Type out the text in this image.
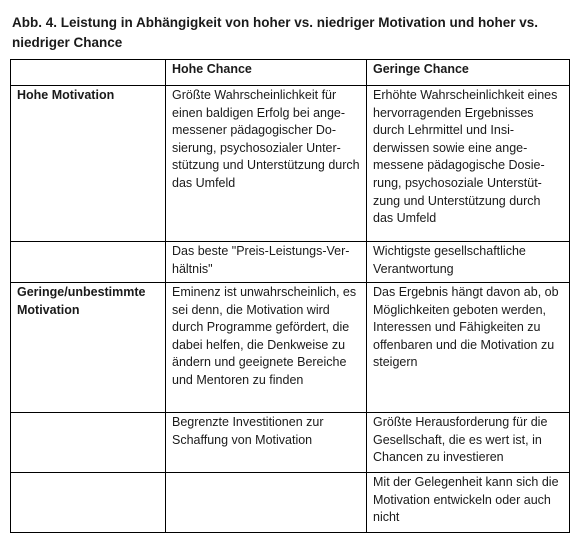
Abb. 4. Leistung in Abhängigkeit von hoher vs. niedriger Motivation und hoher vs. niedriger Chance
	Hohe Chance	Geringe Chance
Hohe Motivation	Größte Wahrscheinlichkeit für einen baldigen Erfolg bei angemessener pädagogischer Dosierung, psychosozialer Unterstützung und Unterstützung durch das Umfeld	Erhöhte Wahrscheinlichkeit eines hervorragenden Ergebnisses durch Lehrmittel und Insiderwissen sowie eine angemessene pädagogische Dosierung, psychosoziale Unterstützung und Unterstützung durch das Umfeld
	Das beste "Preis-Leistungs-Verhältnis"	Wichtigste gesellschaftliche Verantwortung
Geringe/unbestimmte Motivation	Eminenz ist unwahrscheinlich, es sei denn, die Motivation wird durch Programme gefördert, die dabei helfen, die Denkweise zu ändern und geeignete Bereiche und Mentoren zu finden	Das Ergebnis hängt davon ab, ob Möglichkeiten geboten werden, Interessen und Fähigkeiten zu offenbaren und die Motivation zu steigern
	Begrenzte Investitionen zur Schaffung von Motivation	Größte Herausforderung für die Gesellschaft, die es wert ist, in Chancen zu investieren
		Mit der Gelegenheit kann sich die Motivation entwickeln oder auch nicht
